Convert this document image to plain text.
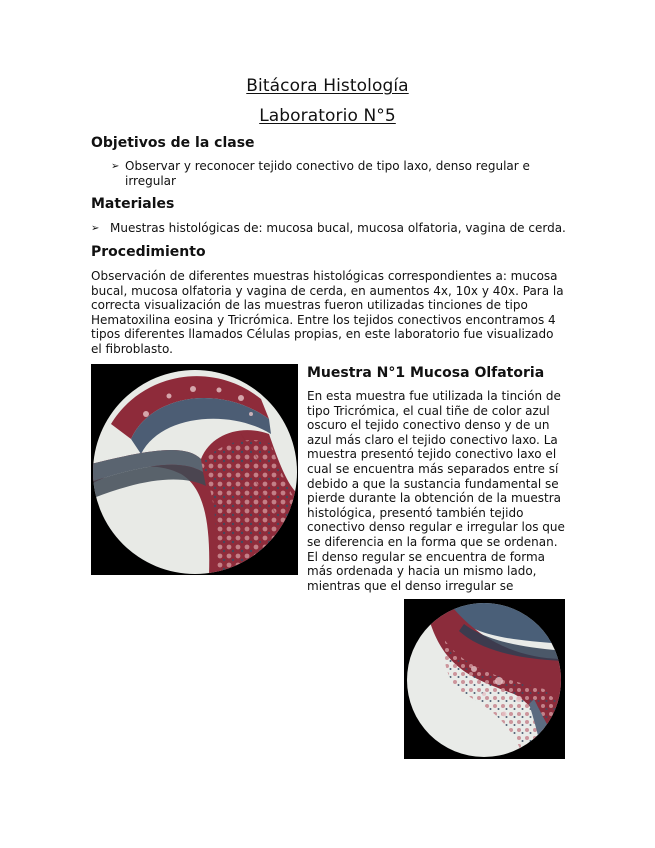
Bitácora Histología
Laboratorio N°5
Objetivos de la clase
➢ Observar y reconocer tejido conectivo de tipo laxo, denso regular e irregular
Materiales
➢ Muestras histológicas de: mucosa bucal, mucosa olfatoria, vagina de cerda.
Procedimiento

Observación de diferentes muestras histológicas correspondientes a: mucosa bucal, mucosa olfatoria y vagina de cerda, en aumentos 4x, 10x y 40x. Para la correcta visualización de las muestras fueron utilizadas tinciones de tipo Hematoxilina eosina y Tricrómica. Entre los tejidos conectivos encontramos 4 tipos diferentes llamados Células propias, en este laboratorio fue visualizado el fibroblasto.

Muestra N°1 Mucosa Olfatoria

En esta muestra fue utilizada la tinción de tipo Tricrómica, el cual tiñe de color azul oscuro el tejido conectivo denso y de un azul más claro el tejido conectivo laxo. La muestra presentó tejido conectivo laxo el cual se encuentra más separados entre sí debido a que la sustancia fundamental se pierde durante la obtención de la muestra histológica, presentó también tejido conectivo denso regular e irregular los que se diferencia en la forma que se ordenan. El denso regular se encuentra de forma más ordenada y hacia un mismo lado, mientras que el denso irregular se
